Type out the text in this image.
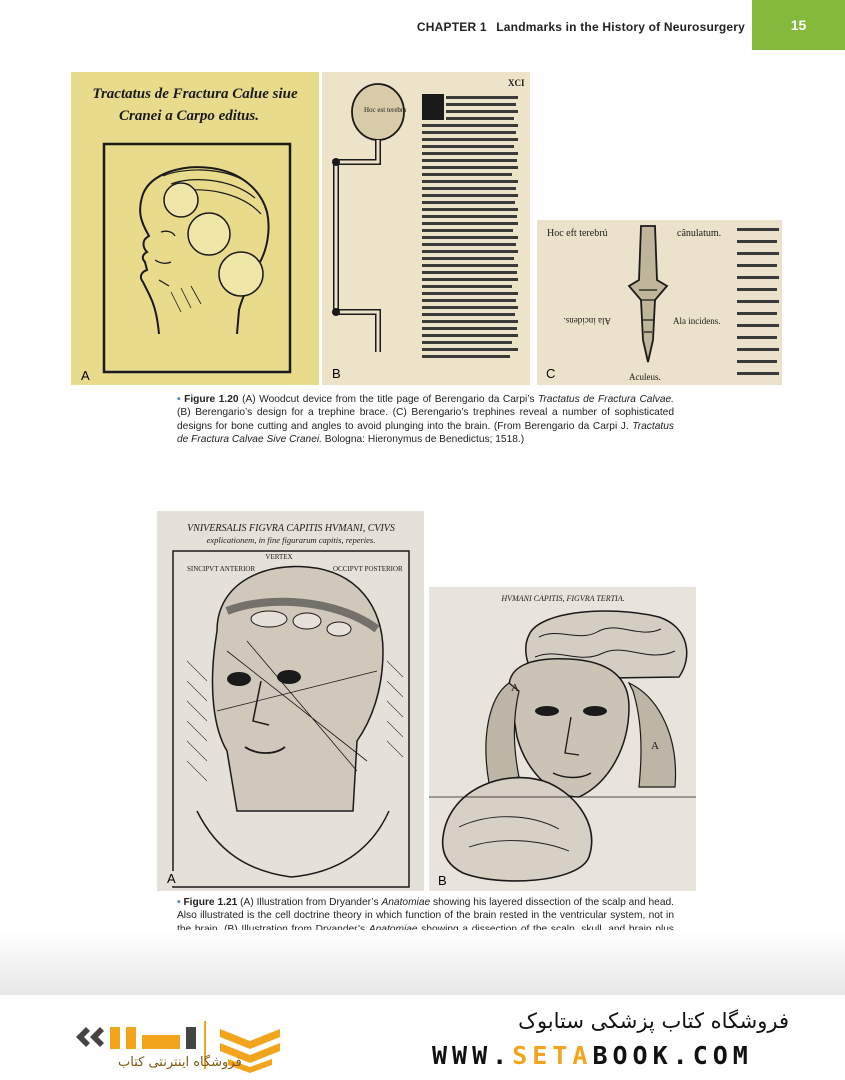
CHAPTER 1 Landmarks in the History of Neurosurgery	15
Tractatus de Fractura Calue siue
Cranei a Carpo editus.
A
Hoc est terebra
XCI
B
Hoc eft terebrú	cânulatum.
Ala incidens.	Ala incidens.
Aculeus.
C
• Figure 1.20 (A) Woodcut device from the title page of Berengario da Carpi’s Tractatus de Fractura Calvae. (B) Berengario’s design for a trephine brace. (C) Berengario’s trephines reveal a number of sophisticated designs for bone cutting and angles to avoid plunging into the brain. (From Berengario da Carpi J. Tractatus de Fractura Calvae Sive Cranei. Bologna: Hieronymus de Benedictus; 1518.)
VNIVERSALIS FIGVRA CAPITIS HVMANI, CVIVS
explicationem, in fine figurarum capitis, reperies.
VERTEX
SINCIPVT ANTERIOR	OCCIPVT POSTERIOR
A
HVMANI CAPITIS, FIGVRA TERTIA.
A
A
B
• Figure 1.21 (A) Illustration from Dryander’s Anatomiae showing his layered dissection of the scalp and head. Also illustrated is the cell doctrine theory in which function of the brain rested in the ventricular system, not in
فروشگاه اینترنتی کتاب
فروشگاه کتاب پزشکی ستابوک
WWW.SETABOOK.COM
